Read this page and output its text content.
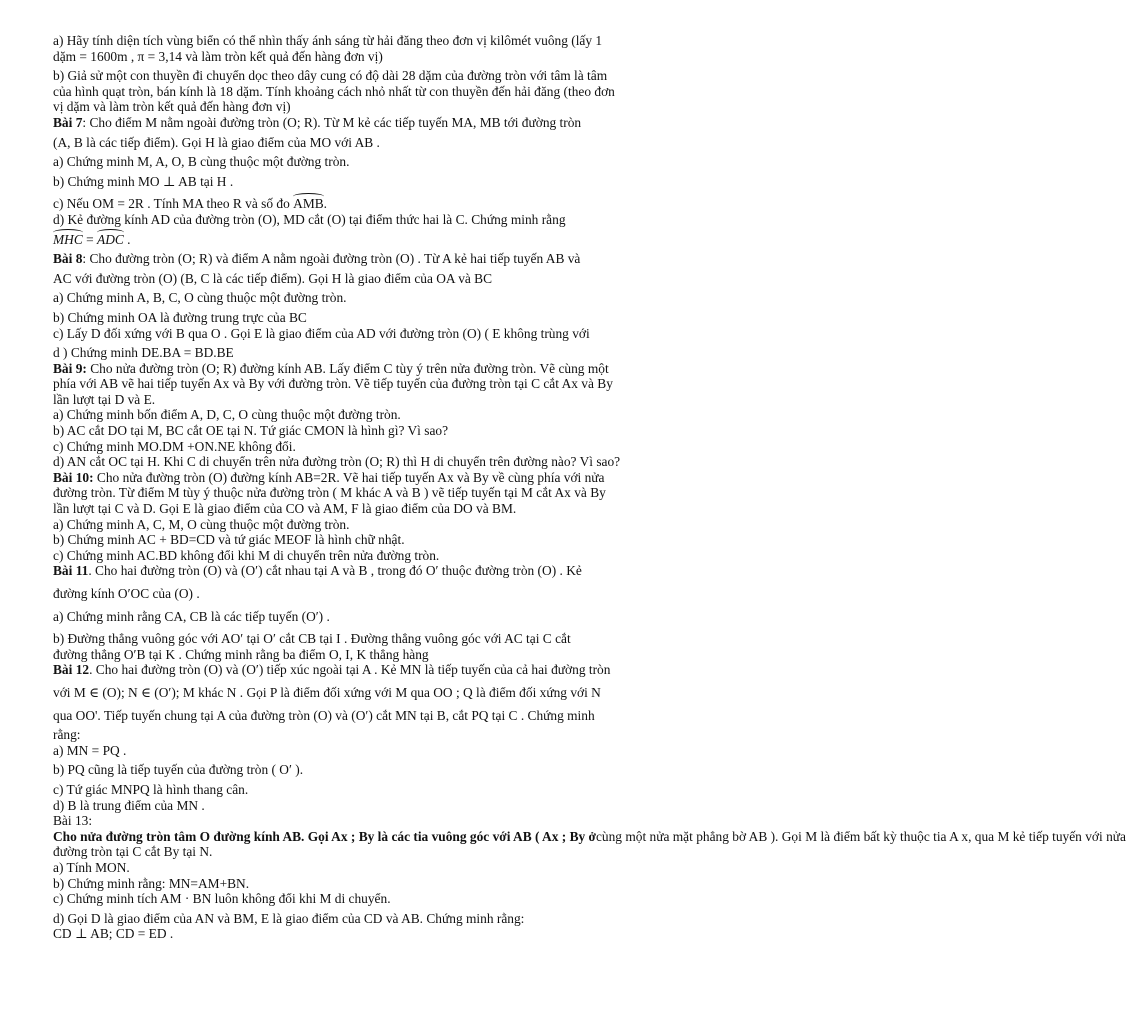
a) Hãy tính diện tích vùng biển có thể nhìn thấy ánh sáng từ hải đăng theo đơn vị kilômét vuông (lấy 1
dặm = 1600m , π = 3,14 và làm tròn kết quả đến hàng đơn vị)
b) Giả sử một con thuyền đi chuyển dọc theo dây cung có độ dài 28 dặm của đường tròn với tâm là tâm
của hình quạt tròn, bán kính là 18 dặm. Tính khoảng cách nhỏ nhất từ con thuyền đến hải đăng (theo đơn
vị dặm và làm tròn kết quả đến hàng đơn vị)
Bài 7: Cho điểm M nằm ngoài đường tròn (O; R). Từ M kẻ các tiếp tuyến MA, MB tới đường tròn
(A, B là các tiếp điểm). Gọi H là giao điểm của MO với AB .
a) Chứng minh M, A, O, B cùng thuộc một đường tròn.
b) Chứng minh MO ⊥ AB tại H .
c) Nếu OM = 2R . Tính MA theo R và số đo AMB.
d) Kẻ đường kính AD của đường tròn (O), MD cắt (O) tại điểm thức hai là C. Chứng minh rằng
MHC = ADC .
Bài 8: Cho đường tròn (O; R) và điểm A nằm ngoài đường tròn (O) . Từ A kẻ hai tiếp tuyến AB và
AC với đường tròn (O) (B, C là các tiếp điểm). Gọi H là giao điểm của OA và BC
a) Chứng minh A, B, C, O cùng thuộc một đường tròn.
b) Chứng minh OA là đường trung trực của BC
c) Lấy D đối xứng với B qua O . Gọi E là giao điểm của AD với đường tròn (O) ( E không trùng với
d ) Chứng minh DE.BA = BD.BE
Bài 9: Cho nửa đường tròn (O; R) đường kính AB. Lấy điểm C tùy ý trên nửa đường tròn. Vẽ cùng một
phía với AB vẽ hai tiếp tuyến Ax và By với đường tròn. Vẽ tiếp tuyến của đường tròn tại C cắt Ax và By
lần lượt tại D và E.
a) Chứng minh bốn điểm A, D, C, O cùng thuộc một đường tròn.
b) AC cắt DO tại M, BC cắt OE tại N. Tứ giác CMON là hình gì? Vì sao?
c) Chứng minh MO.DM +ON.NE không đổi.
d) AN cắt OC tại H. Khi C di chuyển trên nửa đường tròn (O; R) thì H di chuyển trên đường nào? Vì sao?
Bài 10: Cho nửa đường tròn (O) đường kính AB=2R. Vẽ hai tiếp tuyến Ax và By về cùng phía với nửa
đường tròn. Từ điểm M tùy ý thuộc nửa đường tròn ( M khác A và B ) vẽ tiếp tuyến tại M cắt Ax và By
lần lượt tại C và D. Gọi E là giao điểm của CO và AM, F là giao điểm của DO và BM.
a) Chứng minh A, C, M, O cùng thuộc một đường tròn.
b) Chứng minh AC + BD=CD và tứ giác MEOF là hình chữ nhật.
c) Chứng minh AC.BD không đổi khi M di chuyển trên nửa đường tròn.
Bài 11. Cho hai đường tròn (O) và (O′) cắt nhau tại A và B , trong đó O′ thuộc đường tròn (O) . Kẻ
đường kính O′OC của (O) .
a) Chứng minh rằng CA, CB là các tiếp tuyến (O′) .
b) Đường thẳng vuông góc với AO′ tại O′ cắt CB tại I . Đường thẳng vuông góc với AC tại C cắt
đường thẳng O′B tại K . Chứng minh rằng ba điểm O, I, K thẳng hàng
Bài 12. Cho hai đường tròn (O) và (O′) tiếp xúc ngoài tại A . Kẻ MN là tiếp tuyến của cả hai đường tròn
với M ∈ (O); N ∈ (O′); M khác N . Gọi P là điểm đối xứng với M qua OO ; Q là điểm đối xứng với N
qua OO'. Tiếp tuyến chung tại A của đường tròn (O) và (O′) cắt MN tại B, cắt PQ tại C . Chứng minh
rằng:
a) MN = PQ .
b) PQ cũng là tiếp tuyến của đường tròn ( O′ ).
c) Tứ giác MNPQ là hình thang cân.
d) B là trung điểm của MN .
Bài 13:
Cho nửa đường tròn tâm O đường kính AB. Gọi Ax ; By là các tia vuông góc với AB ( Ax ; By ởcùng một nửa mặt phẳng bờ AB ). Gọi M là điểm bất kỳ thuộc tia A x, qua M kẻ tiếp tuyến với nửa
đường tròn tại C cắt By tại N.
a) Tính MON.
b) Chứng minh rằng: MN=AM+BN.
c) Chứng minh tích AM · BN luôn không đổi khi M di chuyển.
d) Gọi D là giao điểm của AN và BM, E là giao điểm của CD và AB. Chứng minh rằng:
CD ⊥ AB; CD = ED .
